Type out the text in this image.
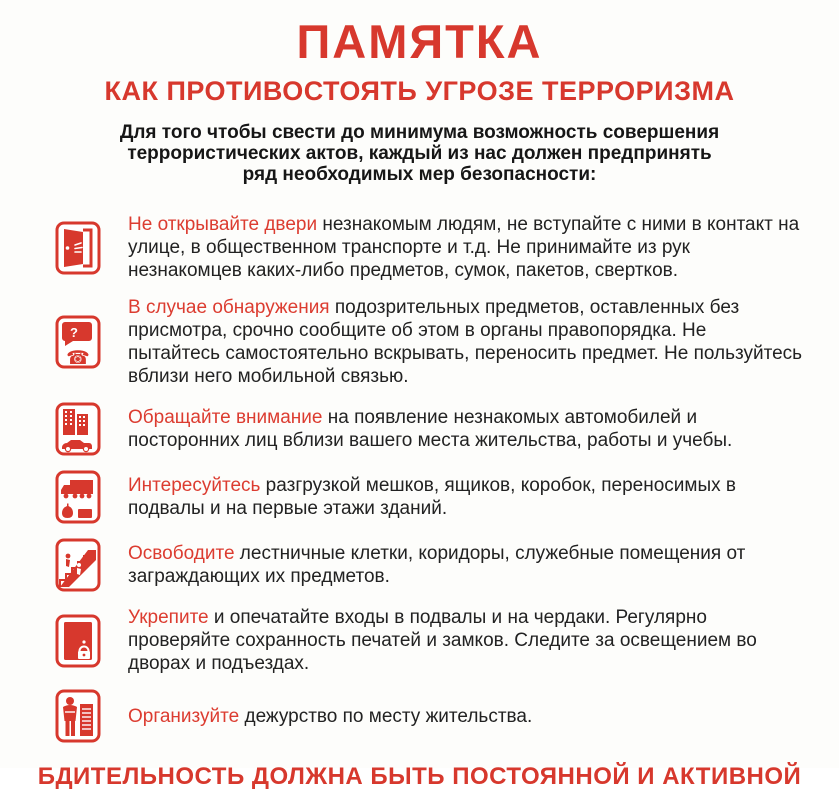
ПАМЯТКА
КАК ПРОТИВОСТОЯТЬ УГРОЗЕ ТЕРРОРИЗМА
Для того чтобы свести до минимума возможность совершения
террористических актов, каждый из нас должен предпринять
ряд необходимых мер безопасности:

Не открывайте двери незнакомым людям, не вступайте с ними в контакт на улице, в общественном транспорте и т.д. Не принимайте из рук незнакомцев каких-либо предметов, сумок, пакетов, свертков.

?
☎

В случае обнаружения подозрительных предметов, оставленных без присмотра, срочно сообщите об этом в органы правопорядка. Не пытайтесь самостоятельно вскрывать, переносить предмет. Не пользуйтесь вблизи него мобильной связью.

Обращайте внимание на появление незнакомых автомобилей и посторонних лиц вблизи вашего места жительства, работы и учебы.

Интересуйтесь разгрузкой мешков, ящиков, коробок, переносимых в подвалы и на первые этажи зданий.

Освободите лестничные клетки, коридоры, служебные помещения от заграждающих их предметов.

Укрепите и опечатайте входы в подвалы и на чердаки. Регулярно проверяйте сохранность печатей и замков. Следите за освещением во дворах и подъездах.

Организуйте дежурство по месту жительства.

БДИТЕЛЬНОСТЬ ДОЛЖНА БЫТЬ ПОСТОЯННОЙ И АКТИВНОЙ
